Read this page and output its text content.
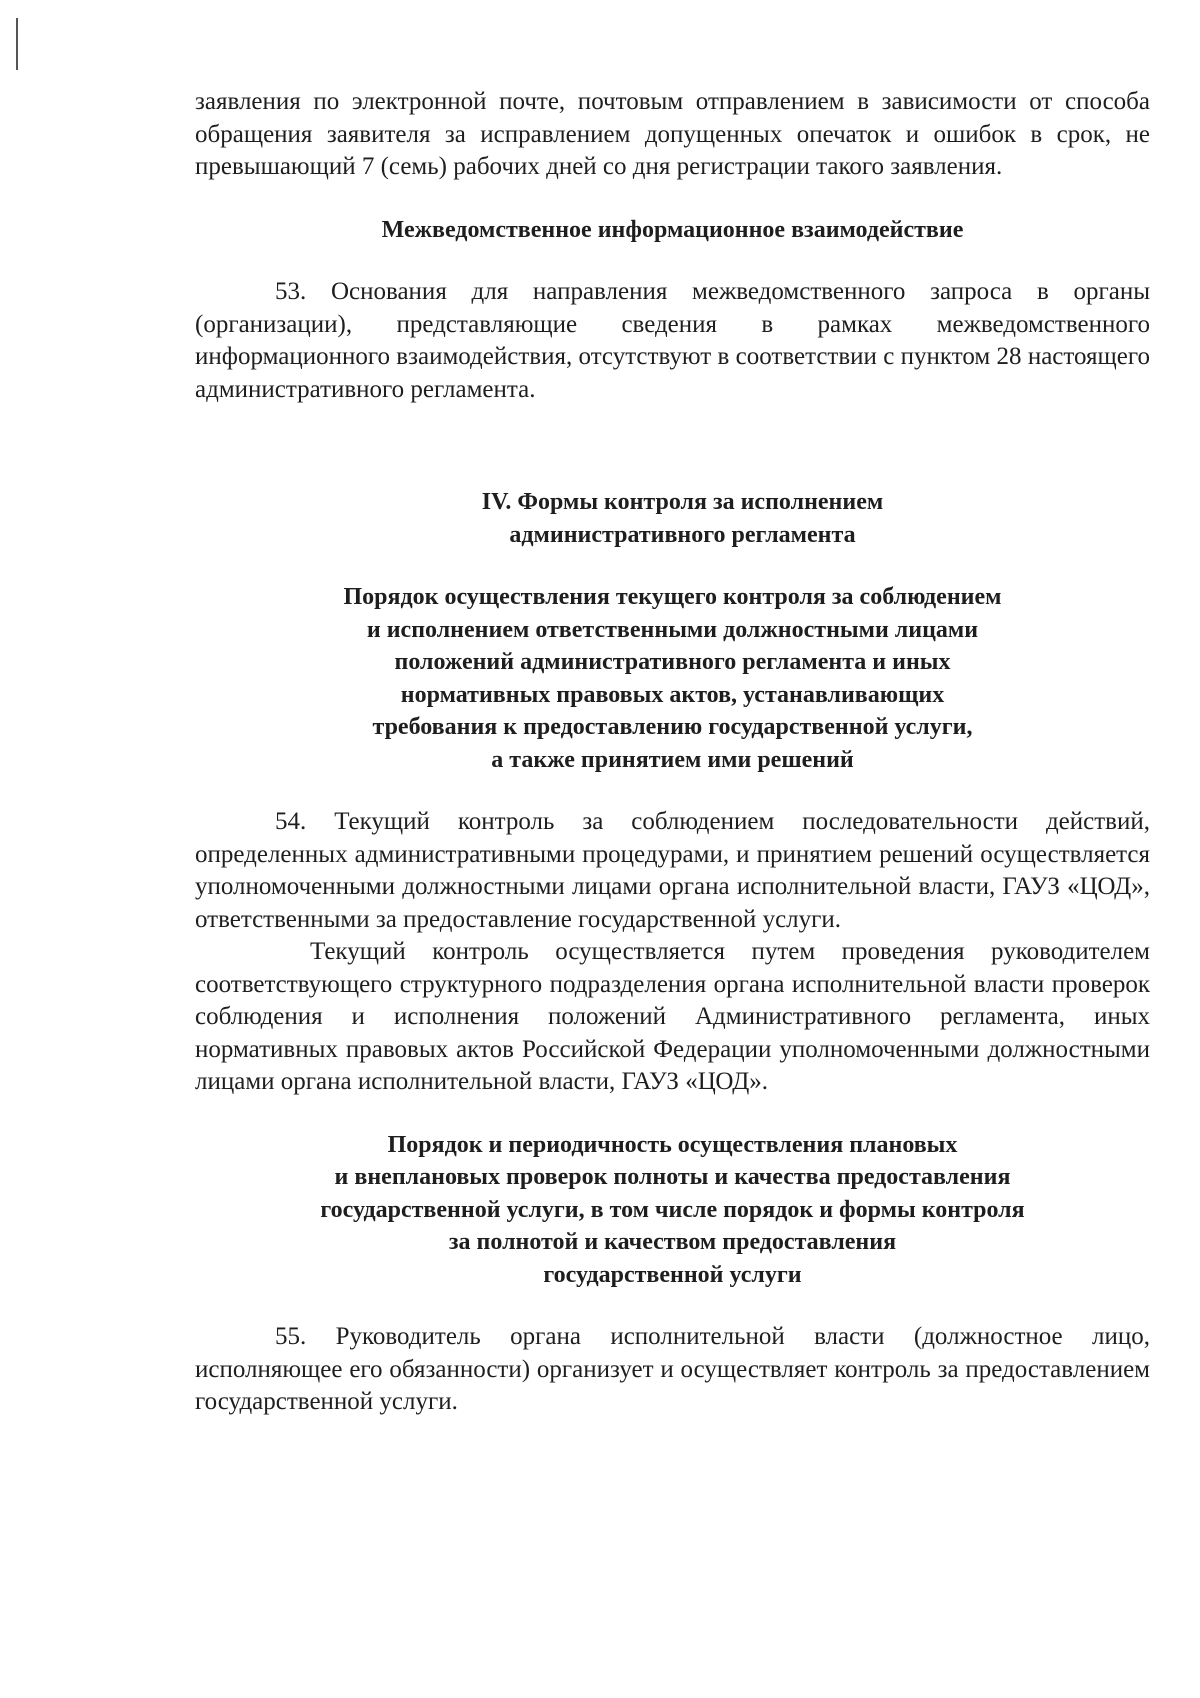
заявления по электронной почте, почтовым отправлением в зависимости от способа обращения заявителя за исправлением допущенных опечаток и ошибок в срок, не превышающий 7 (семь) рабочих дней со дня регистрации такого заявления.

Межведомственное информационное взаимодействие

53. Основания для направления межведомственного запроса в органы (организации), представляющие сведения в рамках межведомственного информационного взаимодействия, отсутствуют в соответствии с пунктом 28 настоящего административного регламента.

IV. Формы контроля за исполнением
административного регламента
Порядок осуществления текущего контроля за соблюдением
и исполнением ответственными должностными лицами
положений административного регламента и иных
нормативных правовых актов, устанавливающих
требования к предоставлению государственной услуги,
а также принятием ими решений

54. Текущий контроль за соблюдением последовательности действий, определенных административными процедурами, и принятием решений осуществляется уполномоченными должностными лицами органа исполнительной власти, ГАУЗ «ЦОД», ответственными за предоставление государственной услуги.

Текущий контроль осуществляется путем проведения руководителем соответствующего структурного подразделения органа исполнительной власти проверок соблюдения и исполнения положений Административного регламента, иных нормативных правовых актов Российской Федерации уполномоченными должностными лицами органа исполнительной власти, ГАУЗ «ЦОД».

Порядок и периодичность осуществления плановых
и внеплановых проверок полноты и качества предоставления
государственной услуги, в том числе порядок и формы контроля
за полнотой и качеством предоставления
государственной услуги

55. Руководитель органа исполнительной власти (должностное лицо, исполняющее его обязанности) организует и осуществляет контроль за предоставлением государственной услуги.
